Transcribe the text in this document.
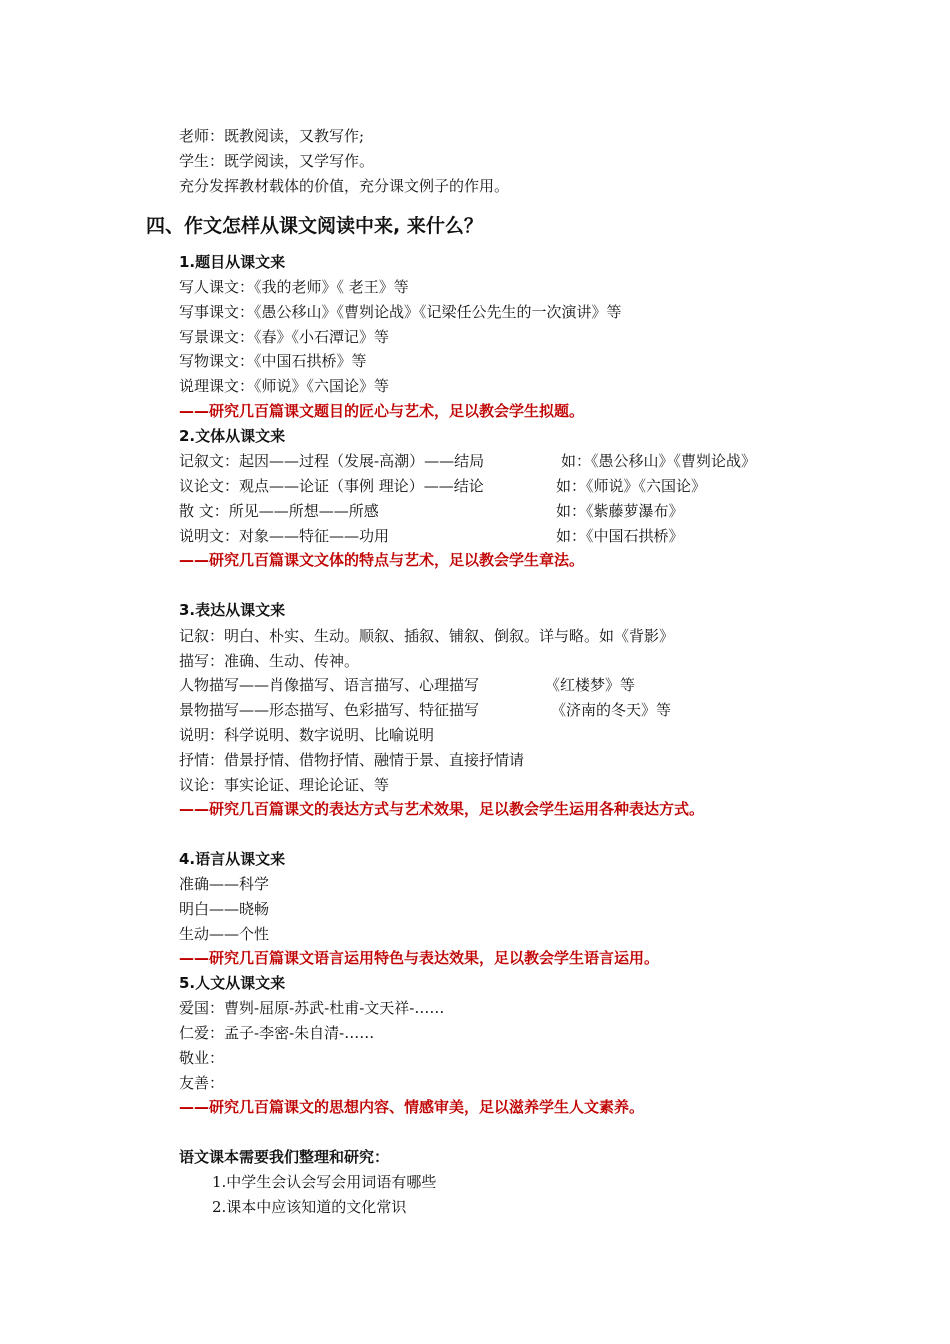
老师：既教阅读，又教写作;
学生：既学阅读，又学写作。
充分发挥教材载体的价值，充分课文例子的作用。
四、作文怎样从课文阅读中来, 来什么？
1.题目从课文来
写人课文：《我的老师》《 老王》等
写事课文：《愚公移山》《曹刿论战》《记梁任公先生的一次演讲》等
写景课文：《春》《小石潭记》等
写物课文：《中国石拱桥》等
说理课文：《师说》《六国论》等
——研究几百篇课文题目的匠心与艺术，足以教会学生拟题。
2.文体从课文来
记叙文：起因——过程（发展-高潮）——结局	如：《愚公移山》《曹刿论战》
议论文：观点——论证（事例 理论）——结论	如：《师说》《六国论》
散 文：所见——所想——所感	如：《紫藤萝瀑布》
说明文：对象——特征——功用	如：《中国石拱桥》
——研究几百篇课文文体的特点与艺术，足以教会学生章法。
3.表达从课文来
记叙：明白、朴实、生动。顺叙、插叙、铺叙、倒叙。详与略。如《背影》
描写：准确、生动、传神。
人物描写——肖像描写、语言描写、心理描写	《红楼梦》等
景物描写——形态描写、色彩描写、特征描写	《济南的冬天》等
说明：科学说明、数字说明、比喻说明
抒情：借景抒情、借物抒情、融情于景、直接抒情请
议论：事实论证、理论论证、等
——研究几百篇课文的表达方式与艺术效果，足以教会学生运用各种表达方式。
4.语言从课文来
准确——科学
明白——晓畅
生动——个性
——研究几百篇课文语言运用特色与表达效果，足以教会学生语言运用。
5.人文从课文来
爱国：曹刿-屈原-苏武-杜甫-文天祥-……
仁爱：孟子-李密-朱自清-……
敬业：
友善：
——研究几百篇课文的思想内容、情感审美，足以滋养学生人文素养。
语文课本需要我们整理和研究：
1.中学生会认会写会用词语有哪些
2.课本中应该知道的文化常识
